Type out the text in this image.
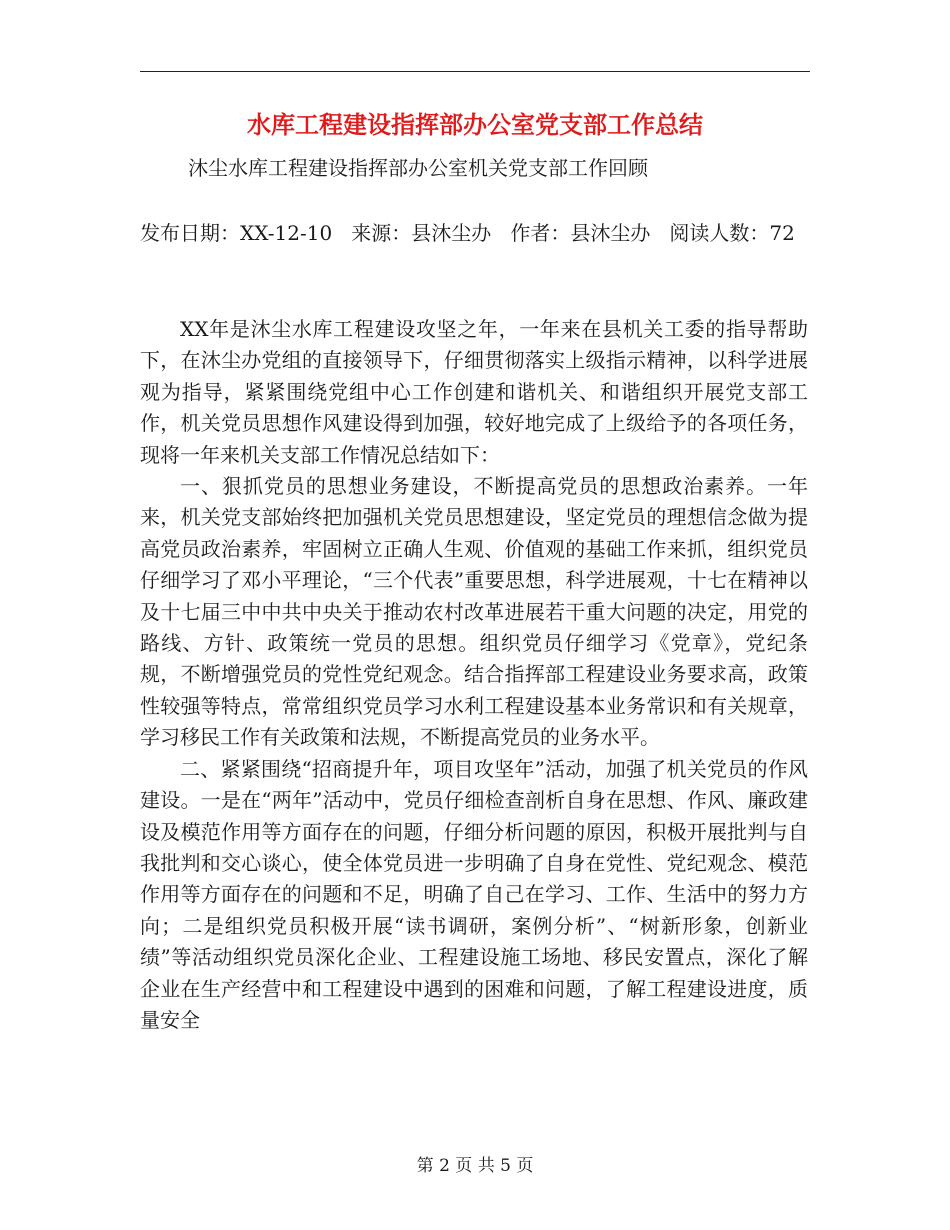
水库工程建设指挥部办公室党支部工作总结

沐尘水库工程建设指挥部办公室机关党支部工作回顾

发布日期：XX-12-10 来源：县沐尘办 作者：县沐尘办 阅读人数：72

XX年是沐尘水库工程建设攻坚之年，一年来在县机关工委的指导帮助下，在沐尘办党组的直接领导下，仔细贯彻落实上级指示精神，以科学进展观为指导，紧紧围绕党组中心工作创建和谐机关、和谐组织开展党支部工作，机关党员思想作风建设得到加强，较好地完成了上级给予的各项任务，现将一年来机关支部工作情况总结如下：

一、狠抓党员的思想业务建设，不断提高党员的思想政治素养。一年来，机关党支部始终把加强机关党员思想建设，坚定党员的理想信念做为提高党员政治素养，牢固树立正确人生观、价值观的基础工作来抓，组织党员仔细学习了邓小平理论，“三个代表”重要思想，科学进展观，十七在精神以及十七届三中中共中央关于推动农村改革进展若干重大问题的决定，用党的路线、方针、政策统一党员的思想。组织党员仔细学习《党章》，党纪条规，不断增强党员的党性党纪观念。结合指挥部工程建设业务要求高，政策性较强等特点，常常组织党员学习水利工程建设基本业务常识和有关规章，学习移民工作有关政策和法规，不断提高党员的业务水平。

二、紧紧围绕“招商提升年，项目攻坚年”活动，加强了机关党员的作风建设。一是在“两年”活动中，党员仔细检查剖析自身在思想、作风、廉政建设及模范作用等方面存在的问题，仔细分析问题的原因，积极开展批判与自我批判和交心谈心，使全体党员进一步明确了自身在党性、党纪观念、模范作用等方面存在的问题和不足，明确了自己在学习、工作、生活中的努力方向；二是组织党员积极开展“读书调研，案例分析”、“树新形象，创新业绩”等活动组织党员深化企业、工程建设施工场地、移民安置点，深化了解企业在生产经营中和工程建设中遇到的困难和问题，了解工程建设进度，质量安全

第 2 页 共 5 页
